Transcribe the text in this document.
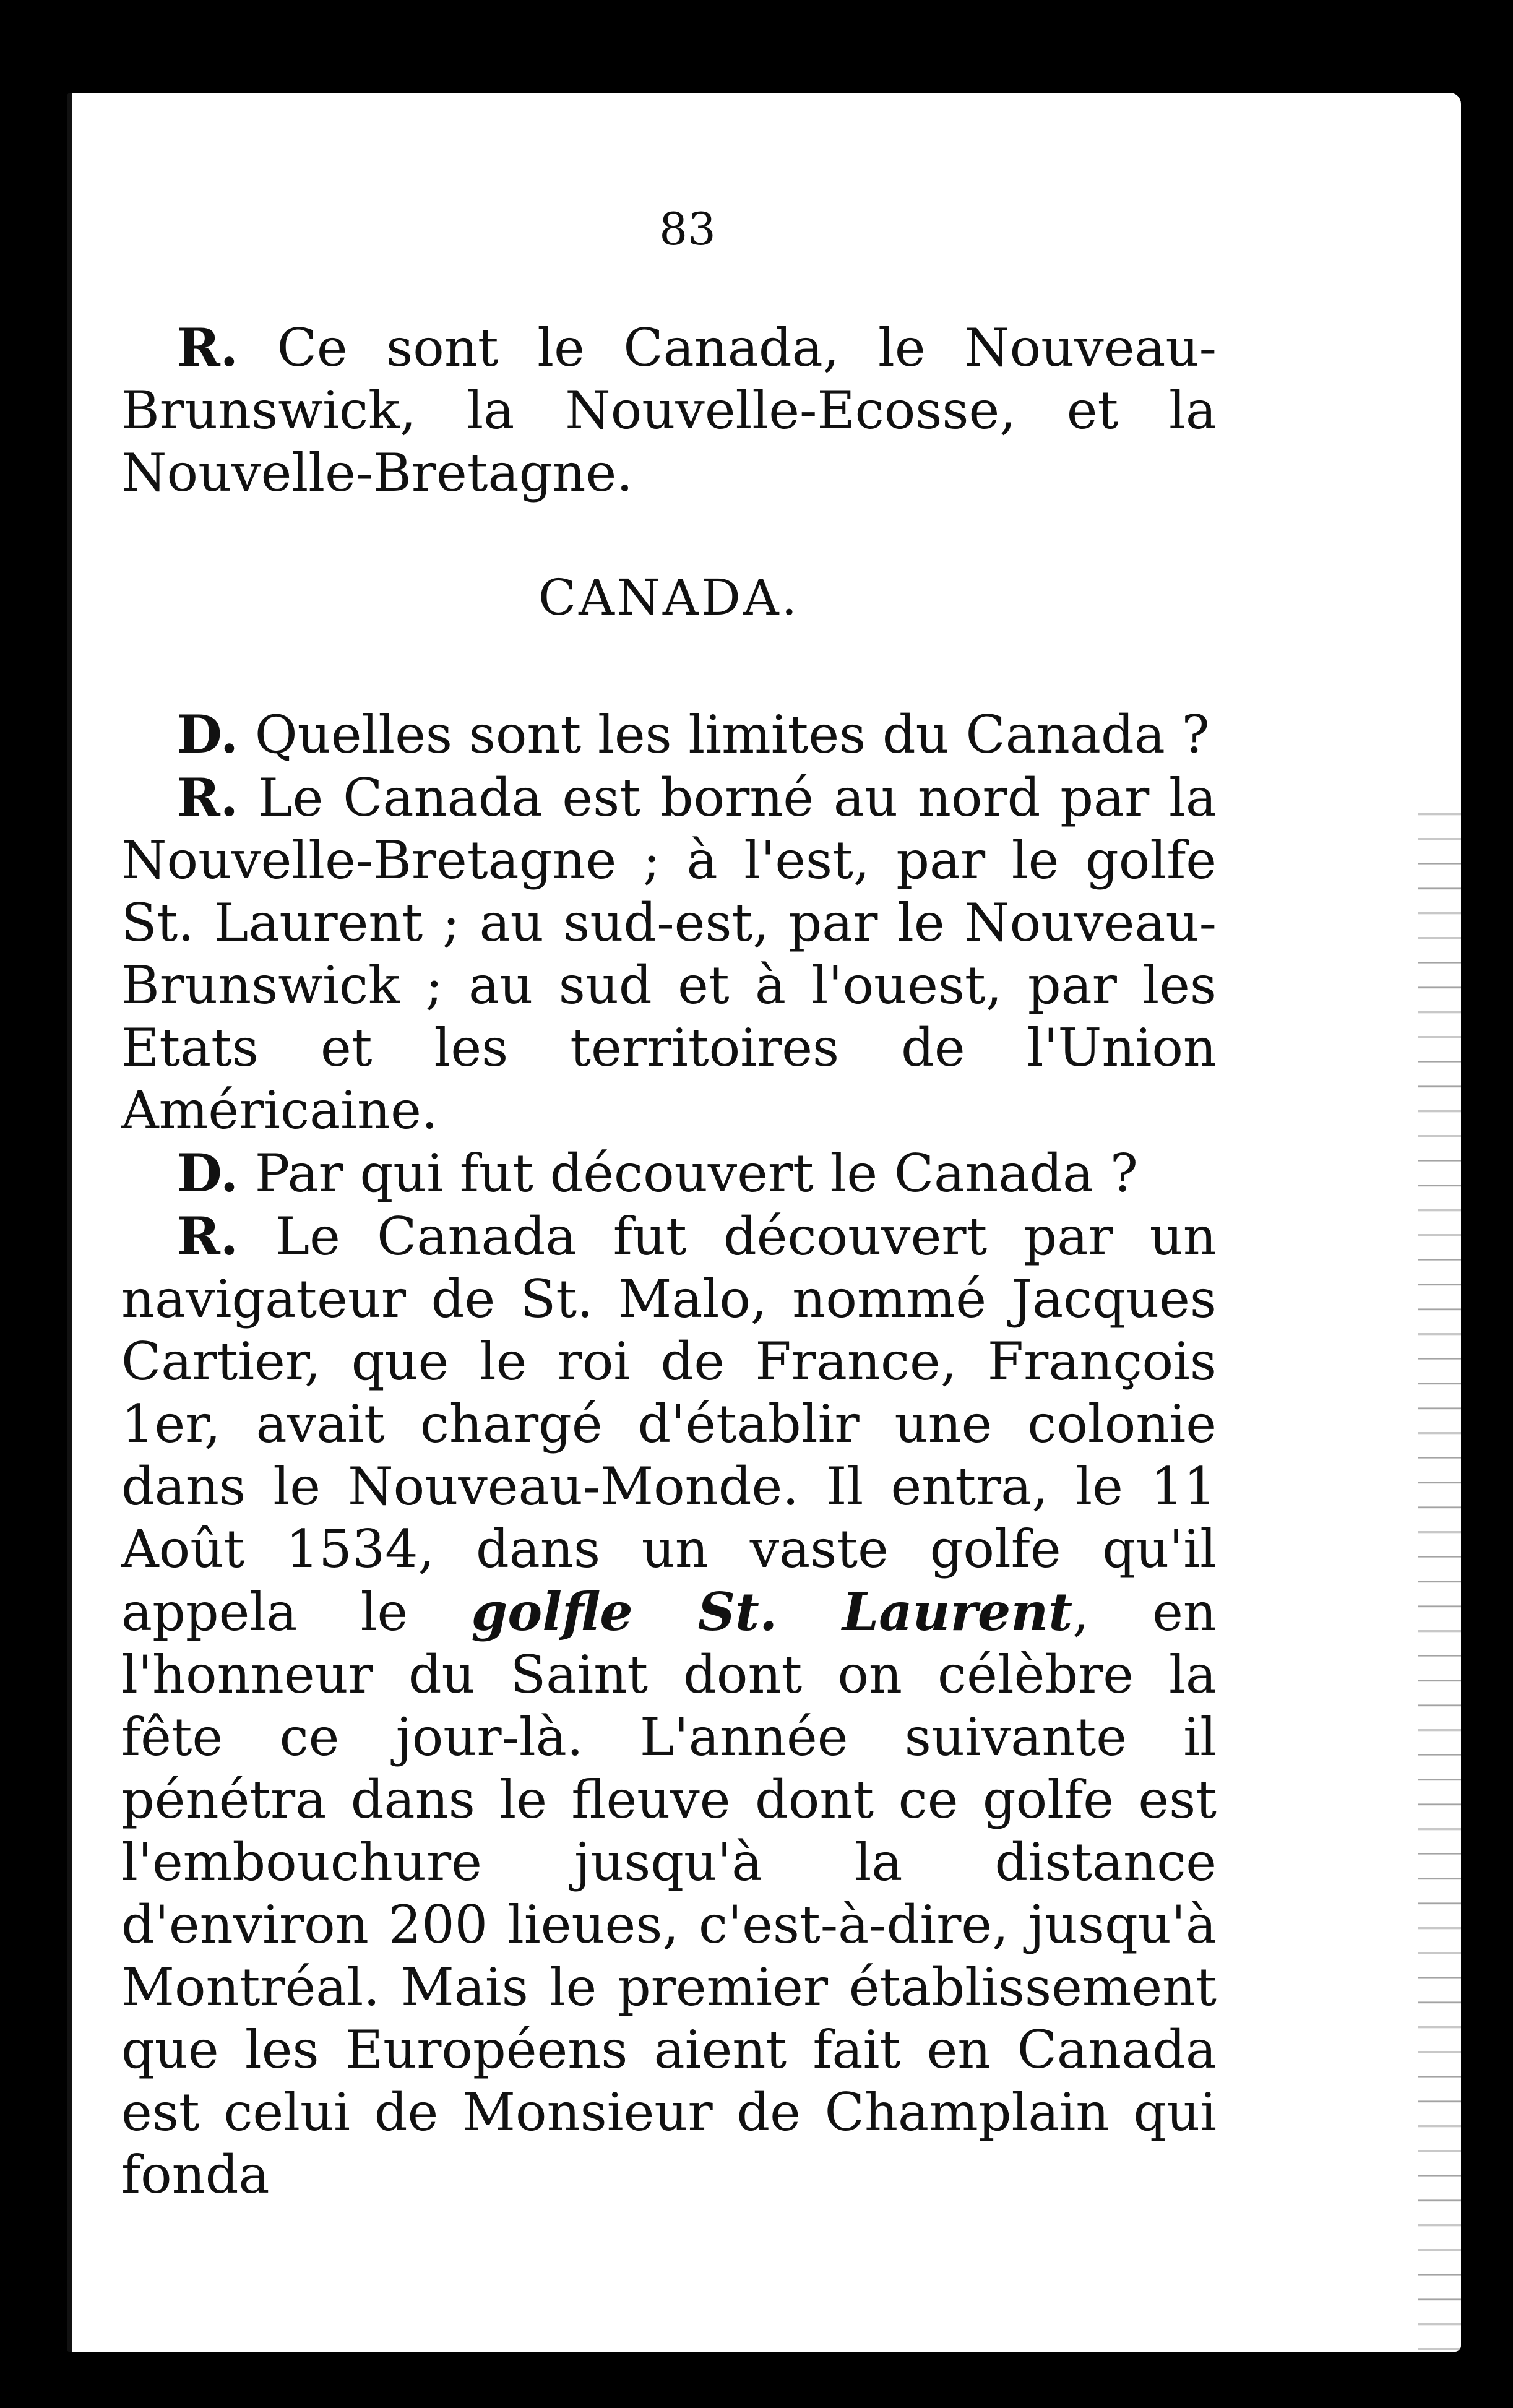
83

R. Ce sont le Canada, le Nouveau-Brunswick, la Nouvelle-Ecosse, et la Nouvelle-Bretagne.

CANADA.

D. Quelles sont les limites du Canada ?

R. Le Canada est borné au nord par la Nouvelle-Bretagne ; à l'est, par le golfe St. Laurent ; au sud-est, par le Nouveau-Brunswick ; au sud et à l'ouest, par les Etats et les territoires de l'Union Américaine.

D. Par qui fut découvert le Canada ?

R. Le Canada fut découvert par un navigateur de St. Malo, nommé Jacques Cartier, que le roi de France, François 1er, avait chargé d'établir une colonie dans le Nouveau-Monde. Il entra, le 11 Août 1534, dans un vaste golfe qu'il appela le golfle St. Laurent, en l'honneur du Saint dont on célèbre la fête ce jour-là. L'année suivante il pénétra dans le fleuve dont ce golfe est l'embouchure jusqu'à la distance d'environ 200 lieues, c'est-à-dire, jusqu'à Montréal. Mais le premier établissement que les Européens aient fait en Canada est celui de Monsieur de Champlain qui fonda
